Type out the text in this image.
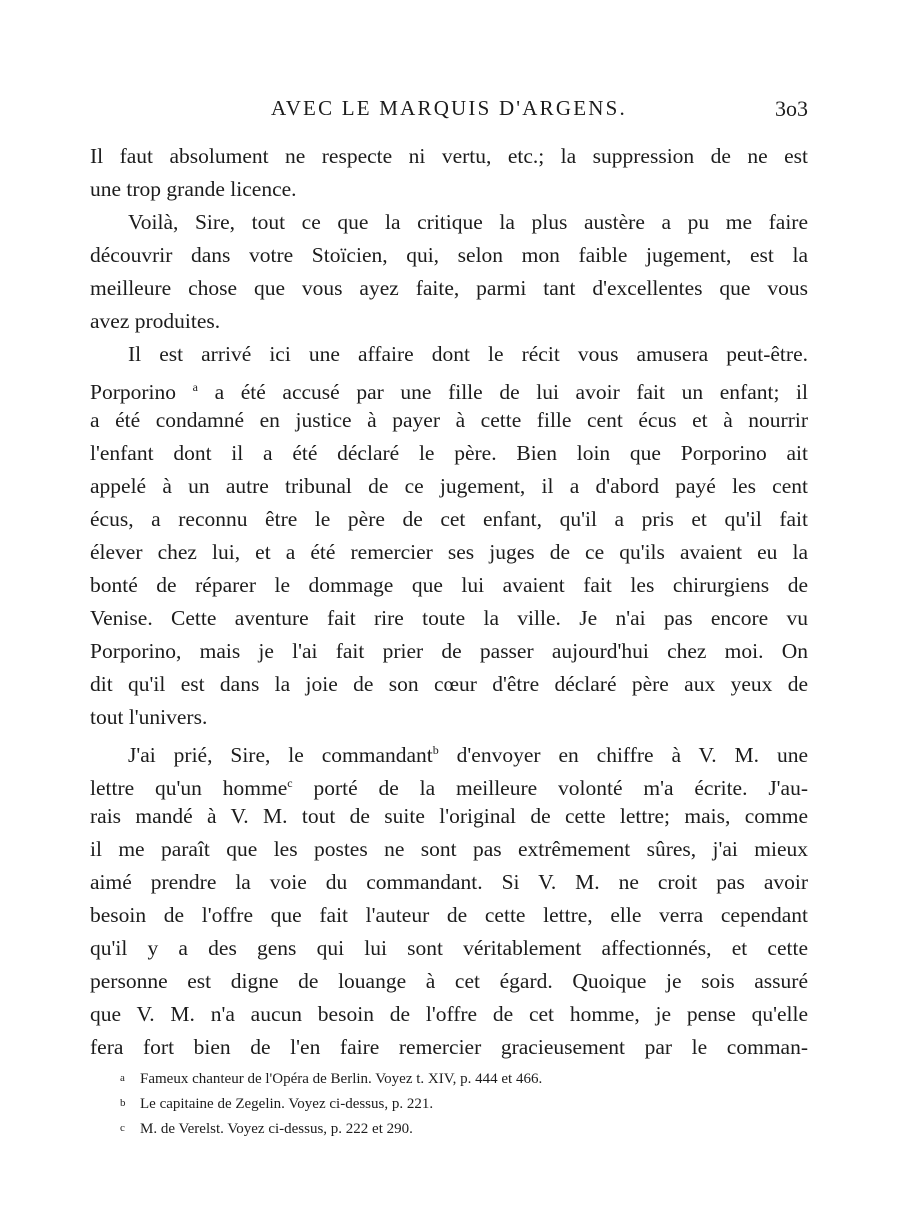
AVEC LE MARQUIS D'ARGENS.	3o3
Il faut absolument ne respecte ni vertu, etc.; la suppression de ne est
une trop grande licence.
Voilà, Sire, tout ce que la critique la plus austère a pu me faire
découvrir dans votre Stoïcien, qui, selon mon faible jugement, est la
meilleure chose que vous ayez faite, parmi tant d'excellentes que vous
avez produites.
Il est arrivé ici une affaire dont le récit vous amusera peut-être.
Porporino $^a$ a été accusé par une fille de lui avoir fait un enfant; il
a été condamné en justice à payer à cette fille cent écus et à nourrir
l'enfant dont il a été déclaré le père. Bien loin que Porporino ait
appelé à un autre tribunal de ce jugement, il a d'abord payé les cent
écus, a reconnu être le père de cet enfant, qu'il a pris et qu'il fait
élever chez lui, et a été remercier ses juges de ce qu'ils avaient eu la
bonté de réparer le dommage que lui avaient fait les chirurgiens de
Venise. Cette aventure fait rire toute la ville. Je n'ai pas encore vu
Porporino, mais je l'ai fait prier de passer aujourd'hui chez moi. On
dit qu'il est dans la joie de son cœur d'être déclaré père aux yeux de
tout l'univers.
J'ai prié, Sire, le commandant$^b$ d'envoyer en chiffre à V. M. une
lettre qu'un homme$^c$ porté de la meilleure volonté m'a écrite. J'au-
rais mandé à V. M. tout de suite l'original de cette lettre; mais, comme
il me paraît que les postes ne sont pas extrêmement sûres, j'ai mieux
aimé prendre la voie du commandant. Si V. M. ne croit pas avoir
besoin de l'offre que fait l'auteur de cette lettre, elle verra cependant
qu'il y a des gens qui lui sont véritablement affectionnés, et cette
personne est digne de louange à cet égard. Quoique je sois assuré
que V. M. n'a aucun besoin de l'offre de cet homme, je pense qu'elle
fera fort bien de l'en faire remercier gracieusement par le comman-
a Fameux chanteur de l'Opéra de Berlin. Voyez t. XIV, p. 444 et 466.
b Le capitaine de Zegelin. Voyez ci-dessus, p. 221.
c M. de Verelst. Voyez ci-dessus, p. 222 et 290.
